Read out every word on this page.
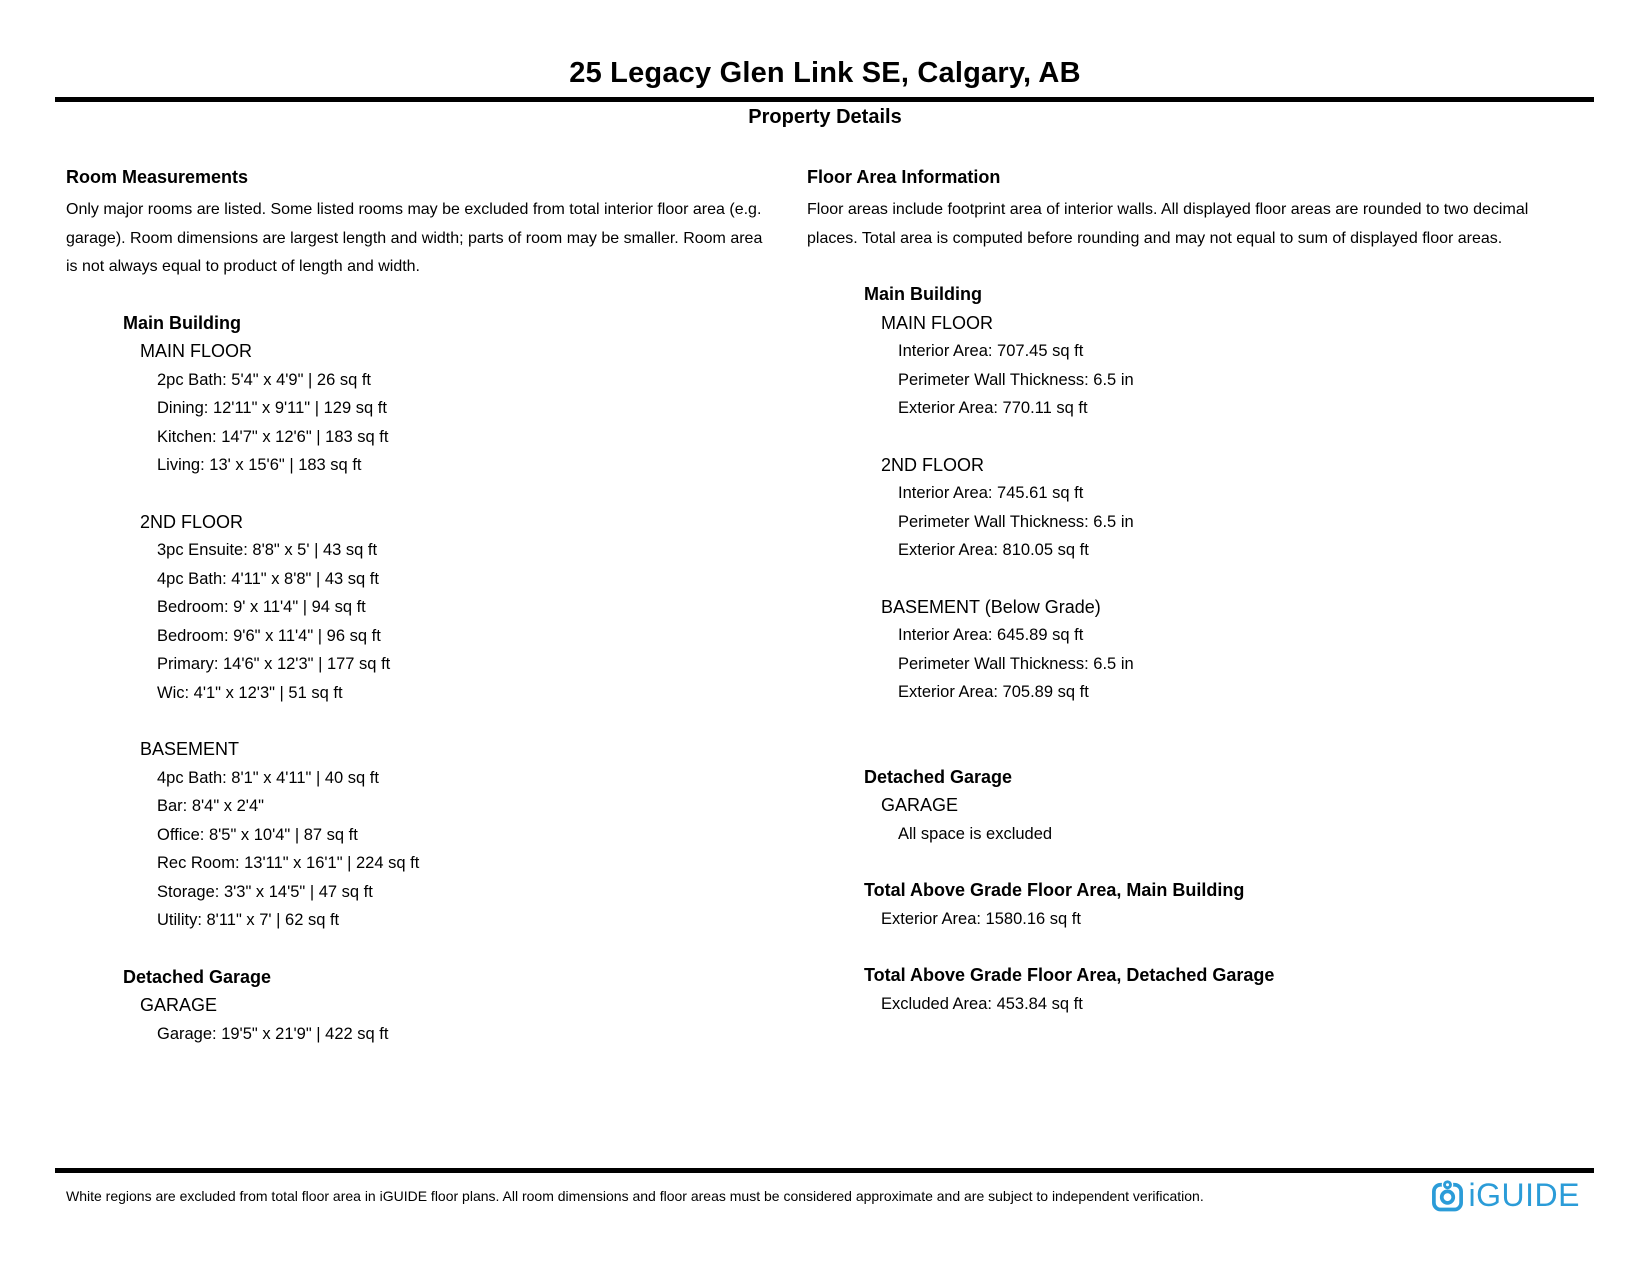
25 Legacy Glen Link SE, Calgary, AB
Property Details
Room Measurements

Only major rooms are listed. Some listed rooms may be excluded from total interior floor area (e.g. garage). Room dimensions are largest length and width; parts of room may be smaller. Room area is not always equal to product of length and width.

Main Building
MAIN FLOOR
2pc Bath: 5'4" x 4'9" | 26 sq ft
Dining: 12'11" x 9'11" | 129 sq ft
Kitchen: 14'7" x 12'6" | 183 sq ft
Living: 13' x 15'6" | 183 sq ft
2ND FLOOR
3pc Ensuite: 8'8" x 5' | 43 sq ft
4pc Bath: 4'11" x 8'8" | 43 sq ft
Bedroom: 9' x 11'4" | 94 sq ft
Bedroom: 9'6" x 11'4" | 96 sq ft
Primary: 14'6" x 12'3" | 177 sq ft
Wic: 4'1" x 12'3" | 51 sq ft
BASEMENT
4pc Bath: 8'1" x 4'11" | 40 sq ft
Bar: 8'4" x 2'4"
Office: 8'5" x 10'4" | 87 sq ft
Rec Room: 13'11" x 16'1" | 224 sq ft
Storage: 3'3" x 14'5" | 47 sq ft
Utility: 8'11" x 7' | 62 sq ft
Detached Garage
GARAGE
Garage: 19'5" x 21'9" | 422 sq ft
Floor Area Information

Floor areas include footprint area of interior walls. All displayed floor areas are rounded to two decimal places. Total area is computed before rounding and may not equal to sum of displayed floor areas.

Main Building
MAIN FLOOR
Interior Area: 707.45 sq ft
Perimeter Wall Thickness: 6.5 in
Exterior Area: 770.11 sq ft
2ND FLOOR
Interior Area: 745.61 sq ft
Perimeter Wall Thickness: 6.5 in
Exterior Area: 810.05 sq ft
BASEMENT (Below Grade)
Interior Area: 645.89 sq ft
Perimeter Wall Thickness: 6.5 in
Exterior Area: 705.89 sq ft
Detached Garage
GARAGE
All space is excluded
Total Above Grade Floor Area, Main Building
Exterior Area: 1580.16 sq ft
Total Above Grade Floor Area, Detached Garage
Excluded Area: 453.84 sq ft

White regions are excluded from total floor area in iGUIDE floor plans. All room dimensions and floor areas must be considered approximate and are subject to independent verification.	iGUIDE
